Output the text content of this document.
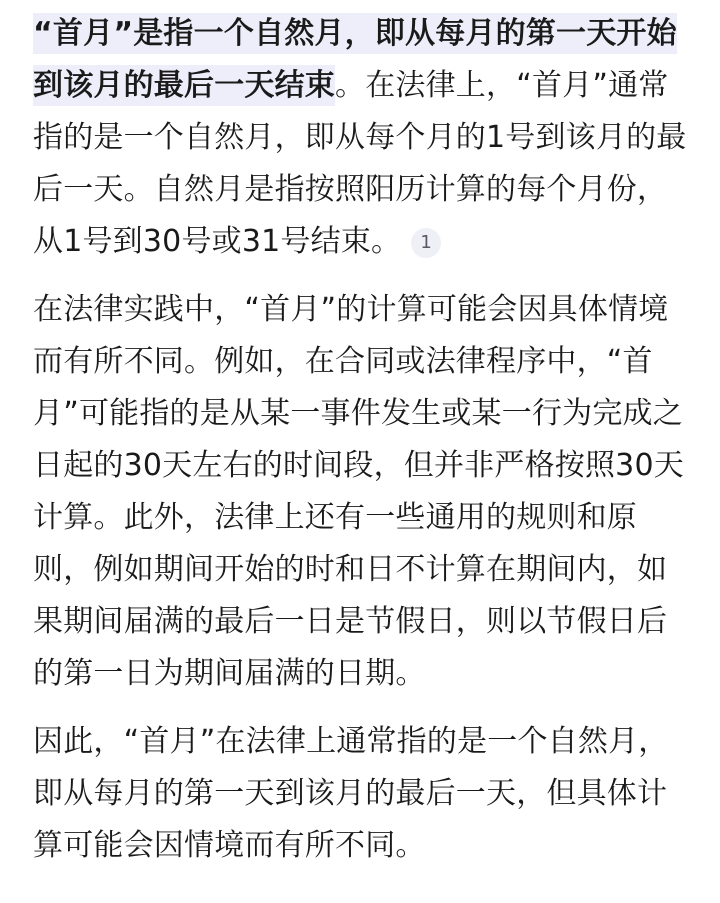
“首月”是指一个自然月，即从每月的第一天开始到该月的最后一天结束。在法律上，“首月”通常指的是一个自然月，即从每个月的1号到该月的最后一天。自然月是指按照阳历计算的每个月份，从1号到30号或31号结束。 1

在法律实践中，“首月”的计算可能会因具体情境而有所不同。例如，在合同或法律程序中，“首月”可能指的是从某一事件发生或某一行为完成之日起的30天左右的时间段，但并非严格按照30天计算。此外，法律上还有一些通用的规则和原则，例如期间开始的时和日不计算在期间内，如果期间届满的最后一日是节假日，则以节假日后的第一日为期间届满的日期。

因此，“首月”在法律上通常指的是一个自然月，即从每月的第一天到该月的最后一天，但具体计算可能会因情境而有所不同。
